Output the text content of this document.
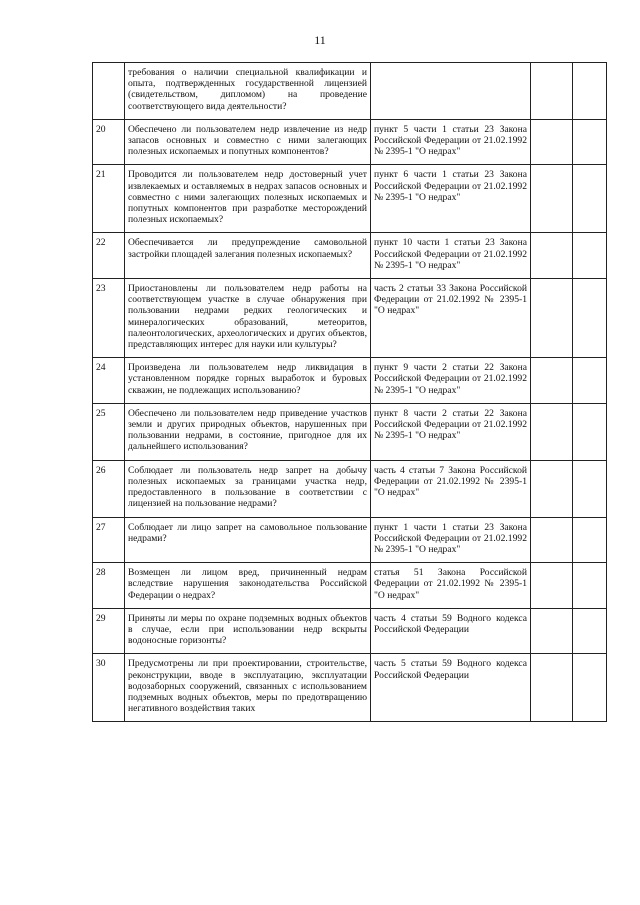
11
	требования о наличии специальной квалификации и опыта, подтвержденных государственной лицензией (свидетельством, дипломом) на проведение соответствующего вида деятельности?			
20	Обеспечено ли пользователем недр извлечение из недр запасов основных и совместно с ними залегающих полезных ископаемых и попутных компонентов?	пункт 5 части 1 статьи 23 Закона Российской Федерации от 21.02.1992 № 2395-1 "О недрах"		
21	Проводится ли пользователем недр достоверный учет извлекаемых и оставляемых в недрах запасов основных и совместно с ними залегающих полезных ископаемых и попутных компонентов при разработке месторождений полезных ископаемых?	пункт 6 части 1 статьи 23 Закона Российской Федерации от 21.02.1992 № 2395-1 "О недрах"		
22	Обеспечивается ли предупреждение самовольной застройки площадей залегания полезных ископаемых?	пункт 10 части 1 статьи 23 Закона Российской Федерации от 21.02.1992 № 2395-1 "О недрах"		
23	Приостановлены ли пользователем недр работы на соответствующем участке в случае обнаружения при пользовании недрами редких геологических и минералогических образований, метеоритов, палеонтологических, археологических и других объектов, представляющих интерес для науки или культуры?	часть 2 статьи 33 Закона Российской Федерации от 21.02.1992 № 2395-1 "О недрах"		
24	Произведена ли пользователем недр ликвидация в установленном порядке горных выработок и буровых скважин, не подлежащих использованию?	пункт 9 части 2 статьи 22 Закона Российской Федерации от 21.02.1992 № 2395-1 "О недрах"		
25	Обеспечено ли пользователем недр приведение участков земли и других природных объектов, нарушенных при пользовании недрами, в состояние, пригодное для их дальнейшего использования?	пункт 8 части 2 статьи 22 Закона Российской Федерации от 21.02.1992 № 2395-1 "О недрах"		
26	Соблюдает ли пользователь недр запрет на добычу полезных ископаемых за границами участка недр, предоставленного в пользование в соответствии с лицензией на пользование недрами?	часть 4 статьи 7 Закона Российской Федерации от 21.02.1992 № 2395-1 "О недрах"		
27	Соблюдает ли лицо запрет на самовольное пользование недрами?	пункт 1 части 1 статьи 23 Закона Российской Федерации от 21.02.1992 № 2395-1 "О недрах"		
28	Возмещен ли лицом вред, причиненный недрам вследствие нарушения законодательства Российской Федерации о недрах?	статья 51 Закона Российской Федерации от 21.02.1992 № 2395-1 "О недрах"		
29	Приняты ли меры по охране подземных водных объектов в случае, если при использовании недр вскрыты водоносные горизонты?	часть 4 статьи 59 Водного кодекса Российской Федерации		
30	Предусмотрены ли при проектировании, строительстве, реконструкции, вводе в эксплуатацию, эксплуатации водозаборных сооружений, связанных с использованием подземных водных объектов, меры по предотвращению негативного воздействия таких	часть 5 статьи 59 Водного кодекса Российской Федерации		
